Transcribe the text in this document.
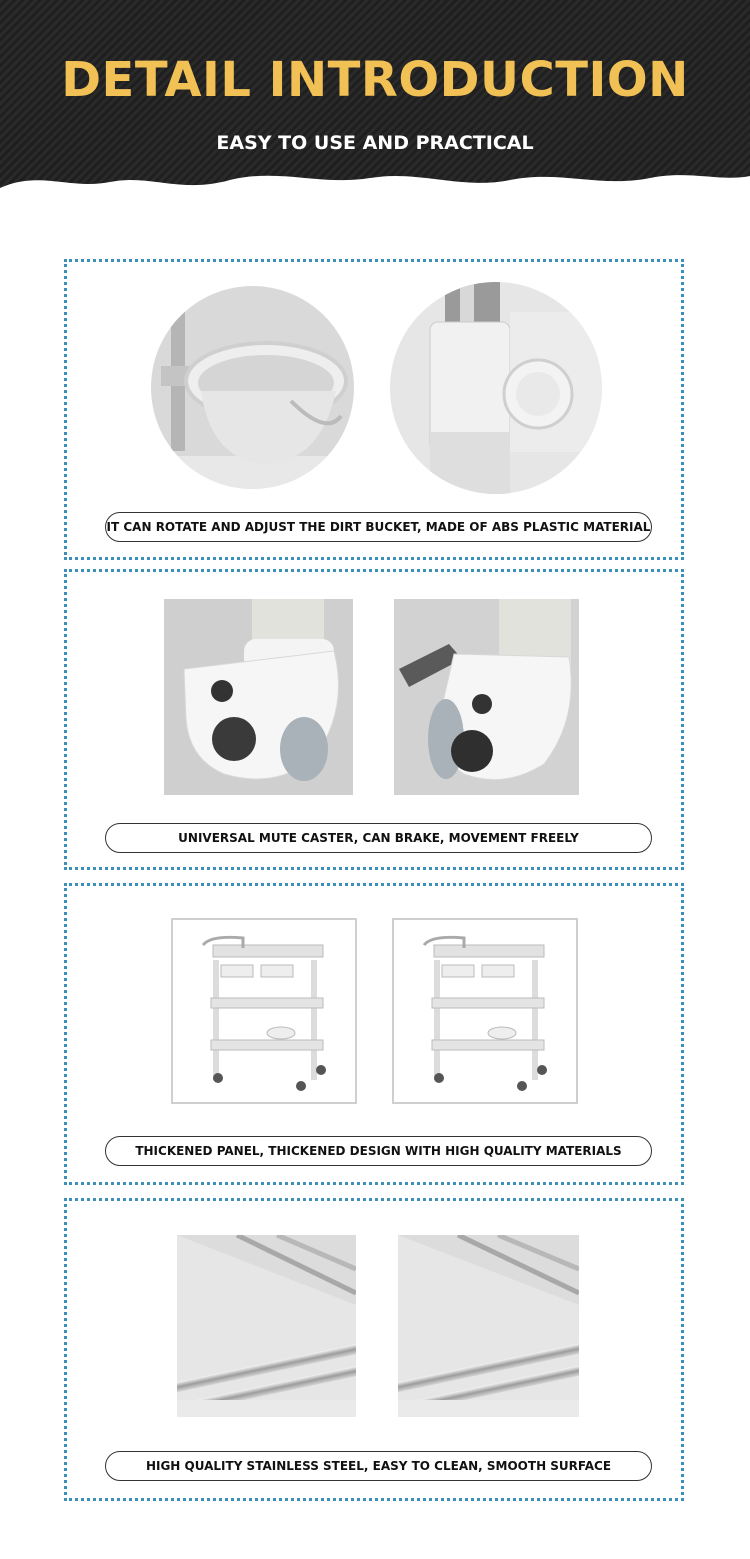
DETAIL INTRODUCTION
EASY TO USE AND PRACTICAL
IT CAN ROTATE AND ADJUST THE DIRT BUCKET, MADE OF ABS PLASTIC MATERIAL
UNIVERSAL MUTE CASTER, CAN BRAKE, MOVEMENT FREELY
THICKENED PANEL, THICKENED DESIGN WITH HIGH QUALITY MATERIALS
HIGH QUALITY STAINLESS STEEL, EASY TO CLEAN, SMOOTH SURFACE
